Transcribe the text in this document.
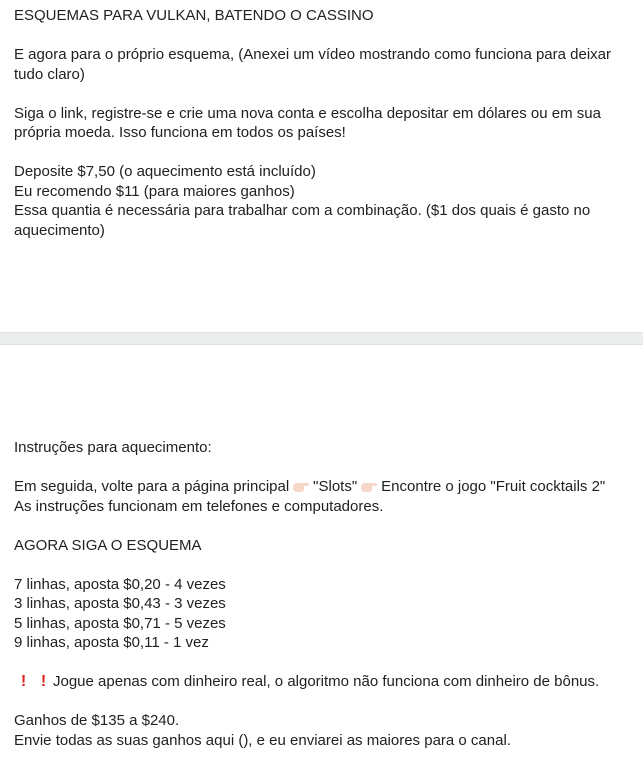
ESQUEMAS PARA VULKAN, BATENDO O CASSINO
E agora para o próprio esquema, (Anexei um vídeo mostrando como funciona para deixar tudo claro)
Siga o link, registre-se e crie uma nova conta e escolha depositar em dólares ou em sua própria moeda. Isso funciona em todos os países!
Deposite $7,50 (o aquecimento está incluído)
Eu recomendo $11 (para maiores ganhos)
Essa quantia é necessária para trabalhar com a combinação. ($1 dos quais é gasto no aquecimento)
Instruções para aquecimento:
Em seguida, volte para a página principal "Slots" Encontre o jogo "Fruit cocktails 2"
As instruções funcionam em telefones e computadores.
AGORA SIGA O ESQUEMA
7 linhas, aposta $0,20 - 4 vezes
3 linhas, aposta $0,43 - 3 vezes
5 linhas, aposta $0,71 - 5 vezes
9 linhas, aposta $0,11 - 1 vez
! ! Jogue apenas com dinheiro real, o algoritmo não funciona com dinheiro de bônus.
Ganhos de $135 a $240.
Envie todas as suas ganhos aqui (), e eu enviarei as maiores para o canal.
